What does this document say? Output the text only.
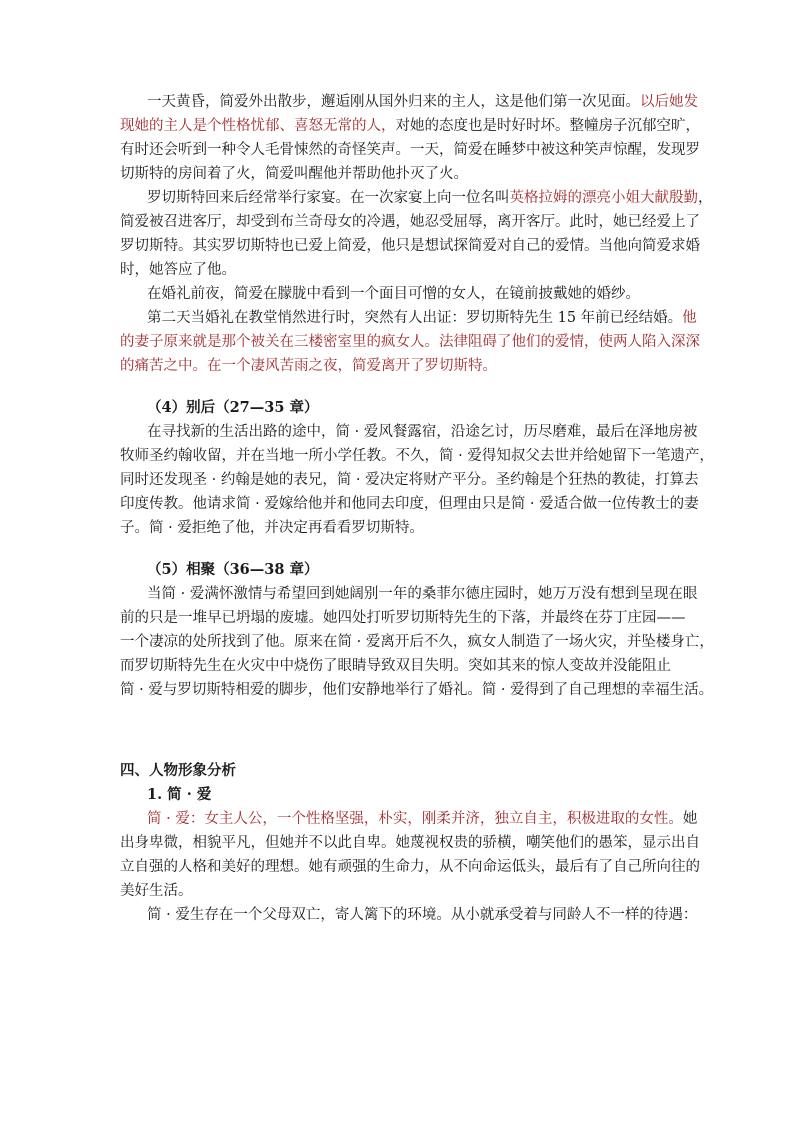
一天黄昏，简爱外出散步，邂逅刚从国外归来的主人，这是他们第一次见面。以后她发
现她的主人是个性格忧郁、喜怒无常的人，对她的态度也是时好时坏。整幢房子沉郁空旷，
有时还会听到一种令人毛骨悚然的奇怪笑声。一天，简爱在睡梦中被这种笑声惊醒，发现罗
切斯特的房间着了火，简爱叫醒他并帮助他扑灭了火。
罗切斯特回来后经常举行家宴。在一次家宴上向一位名叫英格拉姆的漂亮小姐大献殷勤，
简爱被召进客厅，却受到布兰奇母女的冷遇，她忍受屈辱，离开客厅。此时，她已经爱上了
罗切斯特。其实罗切斯特也已爱上简爱，他只是想试探简爱对自己的爱情。当他向简爱求婚
时，她答应了他。
在婚礼前夜，简爱在朦胧中看到一个面目可憎的女人，在镜前披戴她的婚纱。
第二天当婚礼在教堂悄然进行时，突然有人出证：罗切斯特先生 15 年前已经结婚。他
的妻子原来就是那个被关在三楼密室里的疯女人。法律阻碍了他们的爱情，使两人陷入深深
的痛苦之中。在一个凄风苦雨之夜，简爱离开了罗切斯特。
（4）别后（27—35 章）
在寻找新的生活出路的途中，简 · 爱风餐露宿，沿途乞讨，历尽磨难，最后在泽地房被
牧师圣约翰收留，并在当地一所小学任教。不久，简 · 爱得知叔父去世并给她留下一笔遗产，
同时还发现圣 · 约翰是她的表兄，简 · 爱决定将财产平分。圣约翰是个狂热的教徒，打算去
印度传教。他请求简 · 爱嫁给他并和他同去印度，但理由只是简 · 爱适合做一位传教士的妻
子。简 · 爱拒绝了他，并决定再看看罗切斯特。
（5）相聚（36—38 章）
当简 · 爱满怀激情与希望回到她阔别一年的桑菲尔德庄园时，她万万没有想到呈现在眼
前的只是一堆早已坍塌的废墟。她四处打听罗切斯特先生的下落，并最终在芬丁庄园——
一个凄凉的处所找到了他。原来在简 · 爱离开后不久，疯女人制造了一场火灾，并坠楼身亡，
而罗切斯特先生在火灾中中烧伤了眼睛导致双目失明。突如其来的惊人变故并没能阻止
简 · 爱与罗切斯特相爱的脚步，他们安静地举行了婚礼。简 · 爱得到了自己理想的幸福生活。
四、人物形象分析
1. 简 · 爱
简 · 爱：女主人公，一个性格坚强，朴实，刚柔并济，独立自主，积极进取的女性。她
出身卑微，相貌平凡，但她并不以此自卑。她蔑视权贵的骄横，嘲笑他们的愚笨，显示出自
立自强的人格和美好的理想。她有顽强的生命力，从不向命运低头，最后有了自己所向往的
美好生活。
简 · 爱生存在一个父母双亡，寄人篱下的环境。从小就承受着与同龄人不一样的待遇：
